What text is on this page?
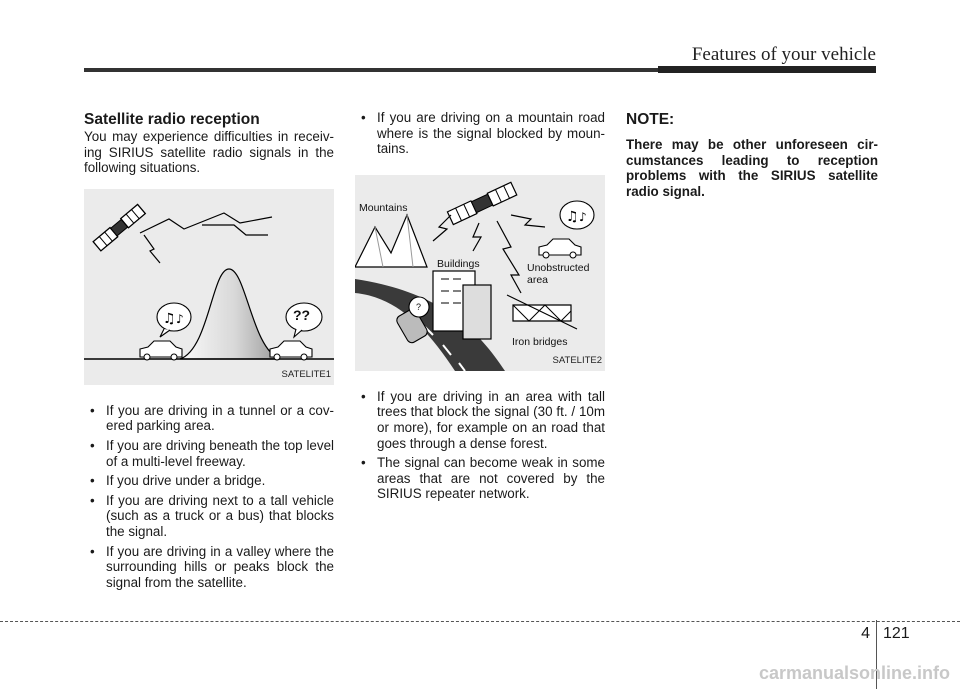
Features of your vehicle
Satellite radio reception

You may experience difficulties in receiv- ing SIRIUS satellite radio signals in the following situations.

♫ ♪	??
SATELITE1
• If you are driving in a tunnel or a cov- ered parking area.
• If you are driving beneath the top level of a multi-level freeway.
• If you drive under a bridge.
• If you are driving next to a tall vehicle (such as a truck or a bus) that blocks the signal.
• If you are driving in a valley where the surrounding hills or peaks block the signal from the satellite.
• If you are driving on a mountain road where is the signal blocked by moun- tains.
♫ ♪
Mountains
Buildings	Unobstructed
area
Iron bridges
?
SATELITE2
• If you are driving in an area with tall trees that block the signal (30 ft. / 10m or more), for example on an road that goes through a dense forest.
• The signal can become weak in some areas that are not covered by the SIRIUS repeater network.
NOTE:

There may be other unforeseen cir- cumstances leading to reception problems with the SIRIUS satellite radio signal.

4 121
carmanualsonline.info
